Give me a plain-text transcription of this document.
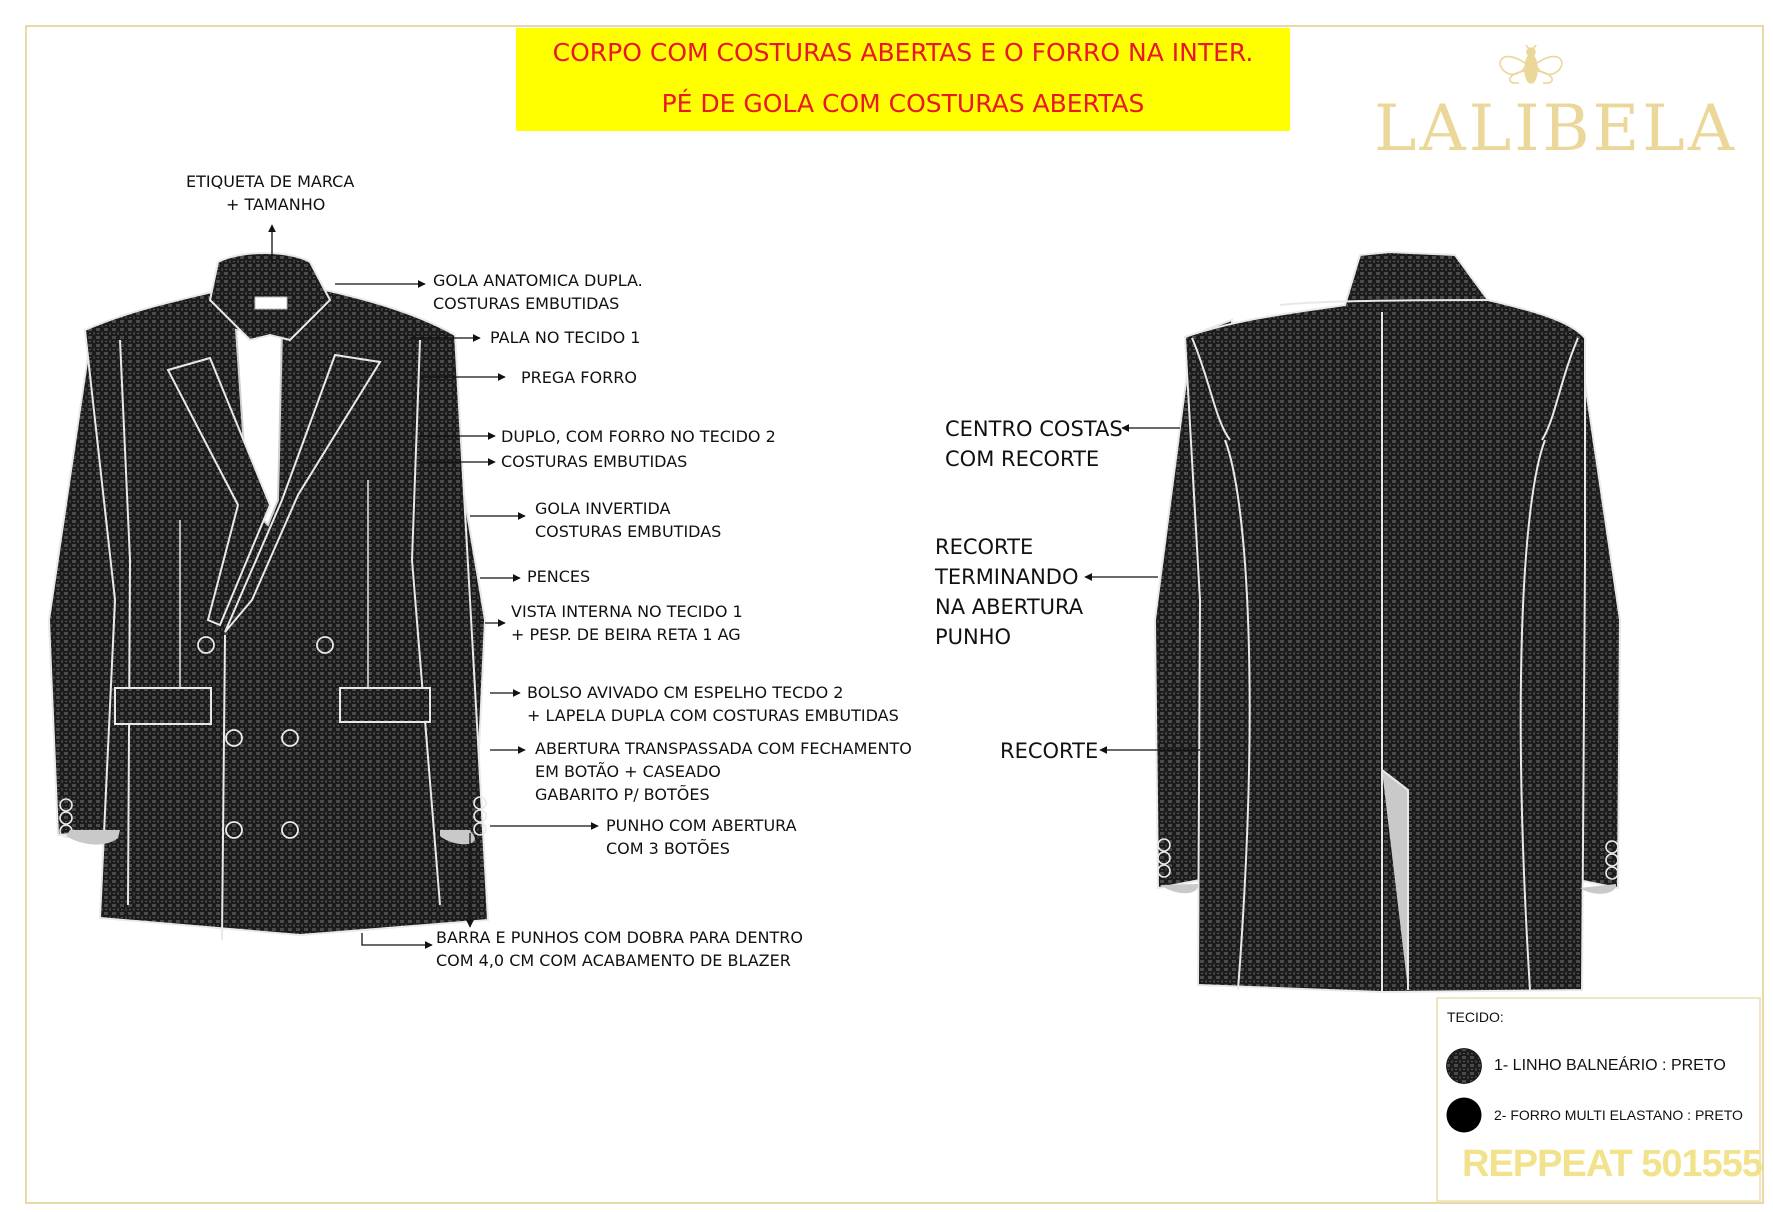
CORPO COM COSTURAS ABERTAS E O FORRO NA INTER.
PÉ DE GOLA COM COSTURAS ABERTAS	LALIBELA
ETIQUETA DE MARCA
+ TAMANHO
GOLA ANATOMICA DUPLA.
COSTURAS EMBUTIDAS
PALA NO TECIDO 1
PREGA FORRO
DUPLO, COM FORRO NO TECIDO 2
COSTURAS EMBUTIDAS
GOLA INVERTIDA
COSTURAS EMBUTIDAS
PENCES
VISTA INTERNA NO TECIDO 1
+ PESP. DE BEIRA RETA 1 AG
BOLSO AVIVADO CM ESPELHO TECDO 2
+ LAPELA DUPLA COM COSTURAS EMBUTIDAS
ABERTURA TRANSPASSADA COM FECHAMENTO
EM BOTÃO + CASEADO
GABARITO P/ BOTÕES
PUNHO COM ABERTURA
COM 3 BOTÕES
BARRA E PUNHOS COM DOBRA PARA DENTRO
COM 4,0 CM COM ACABAMENTO DE BLAZER
CENTRO COSTAS
COM RECORTE
RECORTE
TERMINANDO
NA ABERTURA
PUNHO
RECORTE
TECIDO:
1- LINHO BALNEÁRIO : PRETO
2- FORRO MULTI ELASTANO : PRETO
REPPEAT 501555
